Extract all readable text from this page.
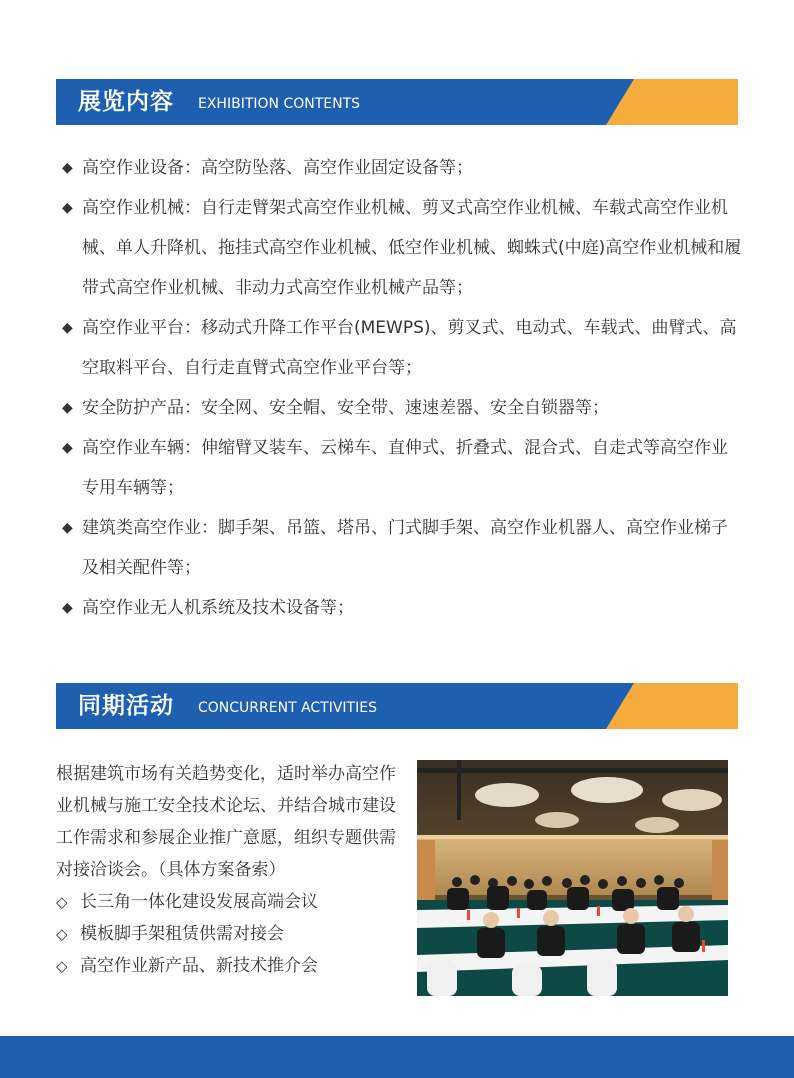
展览内容 EXHIBITION CONTENTS
◆ 高空作业设备：高空防坠落、高空作业固定设备等；
◆ 高空作业机械：自行走臂架式高空作业机械、剪叉式高空作业机械、车载式高空作业机械、单人升降机、拖挂式高空作业机械、低空作业机械、蜘蛛式(中庭)高空作业机械和履带式高空作业机械、非动力式高空作业机械产品等；
◆ 高空作业平台：移动式升降工作平台(MEWPS)、剪叉式、电动式、车载式、曲臂式、高空取料平台、自行走直臂式高空作业平台等；
◆ 安全防护产品：安全网、安全帽、安全带、速速差器、安全自锁器等；
◆ 高空作业车辆：伸缩臂叉装车、云梯车、直伸式、折叠式、混合式、自走式等高空作业专用车辆等；
◆ 建筑类高空作业：脚手架、吊篮、塔吊、门式脚手架、高空作业机器人、高空作业梯子及相关配件等；
◆ 高空作业无人机系统及技术设备等；
同期活动 CONCURRENT ACTIVITIES
根据建筑市场有关趋势变化，适时举办高空作业机械与施工安全技术论坛、并结合城市建设工作需求和参展企业推广意愿，组织专题供需对接洽谈会。（具体方案备索）
◇ 长三角一体化建设发展高端会议
◇ 模板脚手架租赁供需对接会
◇ 高空作业新产品、新技术推介会
